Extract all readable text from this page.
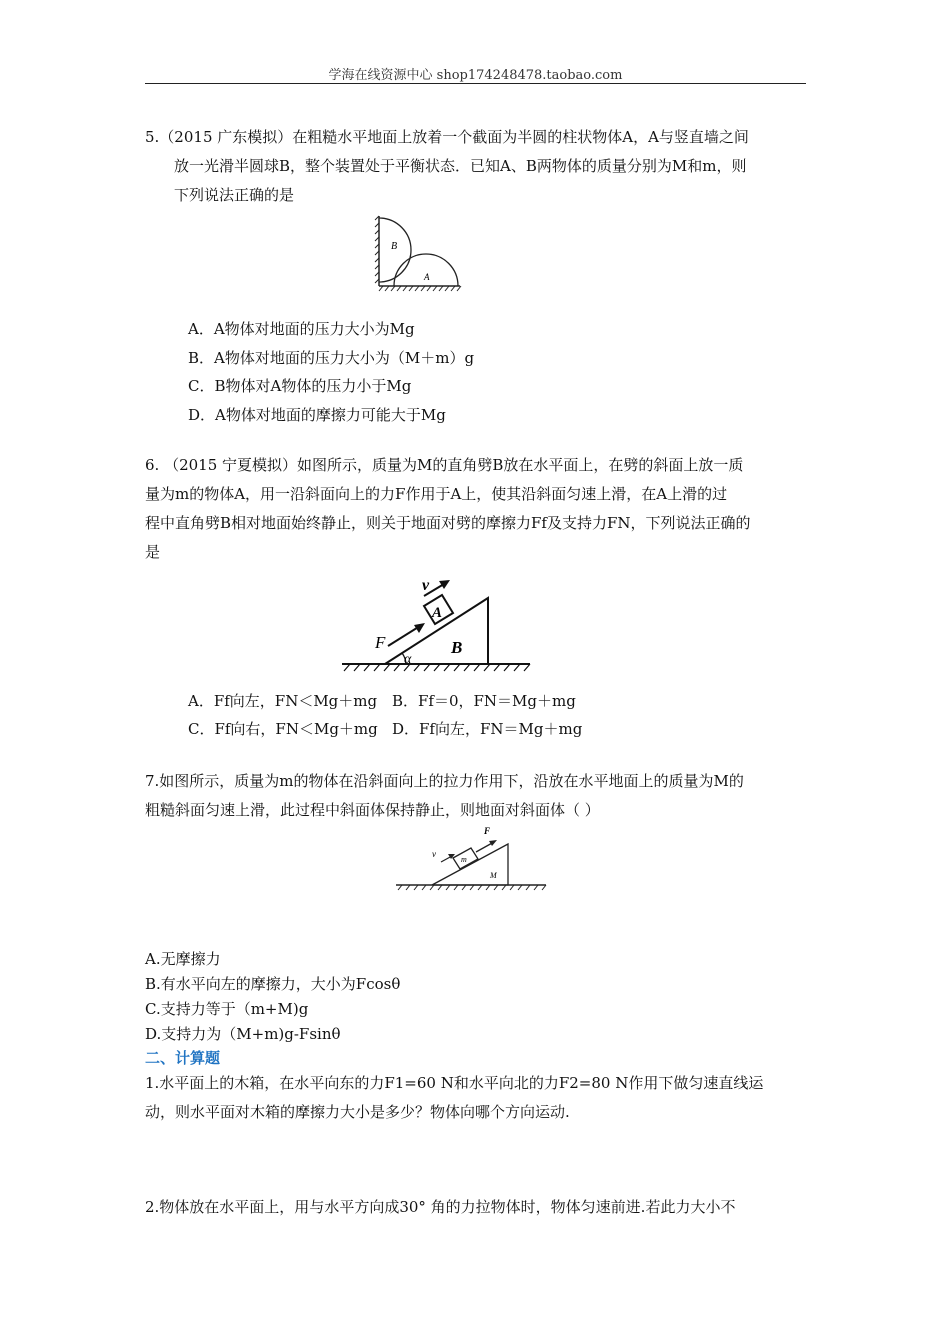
学海在线资源中心 shop174248478.taobao.com
5.（2015 广东模拟）在粗糙水平地面上放着一个截面为半圆的柱状物体A，A与竖直墙之间
放一光滑半圆球B，整个装置处于平衡状态．已知A、B两物体的质量分别为M和m，则
下列说法正确的是
B
A
A．A物体对地面的压力大小为Mg
B．A物体对地面的压力大小为（M＋m）g
C．B物体对A物体的压力小于Mg
D．A物体对地面的摩擦力可能大于Mg
6. （2015 宁夏模拟）如图所示，质量为M的直角劈B放在水平面上，在劈的斜面上放一质
量为m的物体A，用一沿斜面向上的力F作用于A上，使其沿斜面匀速上滑，在A上滑的过
程中直角劈B相对地面始终静止，则关于地面对劈的摩擦力Ff及支持力FN，下列说法正确的
是
v
F
A
B
α
A．Ff向左，FN＜Mg＋mg B．Ff＝0，FN＝Mg＋mg
C．Ff向右，FN＜Mg＋mg D．Ff向左，FN＝Mg＋mg
7.如图所示，质量为m的物体在沿斜面向上的拉力作用下，沿放在水平地面上的质量为M的
粗糙斜面匀速上滑，此过程中斜面体保持静止，则地面对斜面体（ ）
F
v
m
M
A.无摩擦力
B.有水平向左的摩擦力，大小为Fcosθ
C.支持力等于（m+M)g
D.支持力为（M+m)g-Fsinθ
二、计算题
1.水平面上的木箱，在水平向东的力F1=60 N和水平向北的力F2=80 N作用下做匀速直线运
动，则水平面对木箱的摩擦力大小是多少？物体向哪个方向运动.
2.物体放在水平面上，用与水平方向成30° 角的力拉物体时，物体匀速前进.若此力大小不
